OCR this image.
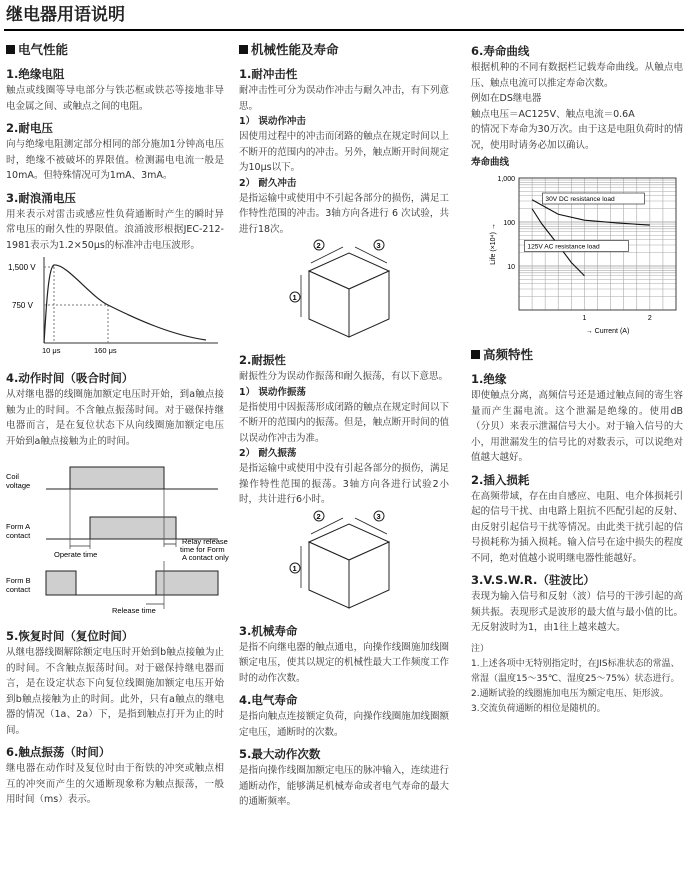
继电器用语说明
电气性能
1.绝缘电阻
触点或线圈等导电部分与铁芯框或铁芯等接地非导电金属之间、或触点之间的电阻。
2.耐电压
向与绝缘电阻测定部分相同的部分施加1分钟高电压时，绝缘不被破坏的界限值。检测漏电电流一般是10mA。但特殊情况可为1mA、3mA。
3.耐浪涌电压
用来表示对雷击或感应性负荷通断时产生的瞬时异常电压的耐久性的界限值。浪涌波形根据JEC-212-1981表示为1.2×50μs的标准冲击电压波形。
1,500 V
750 V
10 μs	160 μs
4.动作时间（吸合时间）
从对继电器的线圈施加额定电压时开始，到a触点接触为止的时间。不含触点振荡时间。对于磁保持继电器而言，是在复位状态下从向线圈施加额定电压开始到a触点接触为止的时间。
Coil
voltage
Form A
contact
Operate time
Relay release
time for Form
A contact only
Form B
contact
Release time
5.恢复时间（复位时间）
从继电器线圈解除额定电压时开始到b触点接触为止的时间。不含触点振荡时间。对于磁保持继电器而言，是在设定状态下向复位线圈施加额定电压开始到b触点接触为止的时间。此外，只有a触点的继电器的情况（1a、2a）下，是指到触点打开为止的时间。
6.触点振荡（时间）
继电器在动作时及复位时由于衔铁的冲突或触点相互的冲突而产生的欠通断现象称为触点振荡，一般用时间（ms）表示。
机械性能及寿命
1.耐冲击性
耐冲击性可分为误动作冲击与耐久冲击，有下列意思。
1） 误动作冲击
因使用过程中的冲击而闭路的触点在规定时间以上不断开的范围内的冲击。另外，触点断开时间规定为10μs以下。
2） 耐久冲击
是指运输中或使用中不引起各部分的损伤，满足工作特性范围的冲击。3轴方向各进行 6 次试验，共进行18次。
2	3
1
2.耐振性
耐振性分为误动作振荡和耐久振荡，有以下意思。
1） 误动作振荡
是指使用中因振荡形成闭路的触点在规定时间以下不断开的范围内的振荡。但是，触点断开时间的值以误动作冲击为准。
2） 耐久振荡
是指运输中或使用中没有引起各部分的损伤，满足操作特性范围的振荡。3轴方向各进行试验2小时，共计进行6小时。
2	3
1
3.机械寿命
是指不向继电器的触点通电，向操作线圈施加线圈额定电压，使其以规定的机械性最大工作频度工作时的动作次数。
4.电气寿命
是指向触点连接额定负荷，向操作线圈施加线圈额定电压，通断时的次数。
5.最大动作次数
是指向操作线圈加额定电压的脉冲输入，连续进行通断动作，能够满足机械寿命或者电气寿命的最大的通断频率。
6.寿命曲线
根据机种的不同有数据栏记载寿命曲线。从触点电压、触点电流可以推定寿命次数。
例如在DS继电器
触点电压＝AC125V、触点电流＝0.6A
的情况下寿命为30万次。由于这是电阻负荷时的情况，使用时请务必加以确认。
寿命曲线
1,000
100
10
1	2
→ Current (A)
Life (×10⁴) →
30V DC resistance load
125V AC resistance load
高频特性
1.绝缘
即使触点分离，高频信号还是通过触点间的寄生容量而产生漏电流。这个泄漏是绝缘的。使用dB（分贝）来表示泄漏信号大小。对于输入信号的大小，用泄漏发生的信号比的对数表示，可以说绝对值越大越好。
2.插入损耗
在高频带域，存在由自感应、电阻、电介体损耗引起的信号干扰、由电路上阻抗不匹配引起的反射、由反射引起信号干扰等情况。由此类干扰引起的信号损耗称为插入损耗。输入信号在途中损失的程度不同，绝对值越小说明继电器性能越好。
3.V.S.W.R.（驻波比）
表现为输入信号和反射（波）信号的干涉引起的高频共振。表现形式是波形的最大值与最小值的比。无反射波时为1，由1往上越来越大。
注）
1.上述各项中无特别指定时，在JIS标准状态的常温、常湿（温度15～35℃、湿度25～75%）状态进行。
2.通断试验的线圈施加电压为额定电压、矩形波。
3.交流负荷通断的相位是随机的。
